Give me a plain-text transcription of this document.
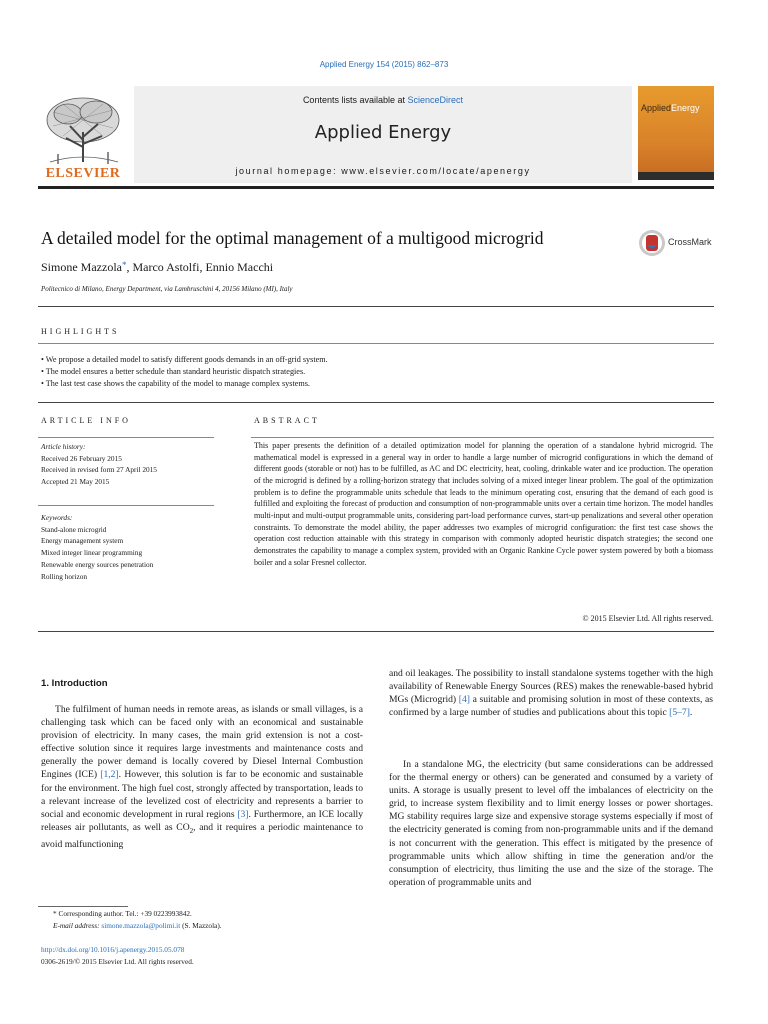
Applied Energy 154 (2015) 862–873
Contents lists available at ScienceDirect
Applied Energy
journal homepage: www.elsevier.com/locate/apenergy
ELSEVIER
AppliedEnergy
A detailed model for the optimal management of a multigood microgrid	CrossMark
Simone Mazzola*, Marco Astolfi, Ennio Macchi
Politecnico di Milano, Energy Department, via Lambruschini 4, 20156 Milano (MI), Italy
HIGHLIGHTS
• We propose a detailed model to satisfy different goods demands in an off-grid system.
• The model ensures a better schedule than standard heuristic dispatch strategies.
• The last test case shows the capability of the model to manage complex systems.
ARTICLE INFO
Article history:
Received 26 February 2015
Received in revised form 27 April 2015
Accepted 21 May 2015
Keywords:
Stand-alone microgrid
Energy management system
Mixed integer linear programming
Renewable energy sources penetration
Rolling horizon
ABSTRACT
This paper presents the definition of a detailed optimization model for planning the operation of a standalone hybrid microgrid. The mathematical model is expressed in a general way in order to handle a large number of microgrid configurations in which the demand of different goods (storable or not) has to be fulfilled, as AC and DC electricity, heat, cooling, drinkable water and ice production. The operation of the microgrid is defined by a rolling-horizon strategy that includes solving of a mixed integer linear problem. The goal of the optimization problem is to define the programmable units schedule that leads to the minimum operating cost, ensuring that the demand of each good is fulfilled and exploiting the forecast of production and consumption of non-programmable units over a certain time horizon. The model handles multi-input and multi-output programmable units, considering part-load performance curves, start-up penalizations and several other operation constraints. To demonstrate the model ability, the paper addresses two examples of microgrid configuration: the first test case shows the operation cost reduction attainable with this strategy in comparison with commonly adopted heuristic dispatch strategies; the second one demonstrates the capability to manage a complex system, provided with an Organic Rankine Cycle power system powered by both a biomass boiler and a solar Fresnel collector.
© 2015 Elsevier Ltd. All rights reserved.
1. Introduction
The fulfilment of human needs in remote areas, as islands or small villages, is a challenging task which can be faced only with an economical and sustainable provision of electricity. In many cases, the main grid extension is not a cost-effective solution since it requires large investments and maintenance costs and generally the power demand is locally covered by Diesel Internal Combustion Engines (ICE) [1,2]. However, this solution is far to be economic and sustainable for the environment. The high fuel cost, strongly affected by transportation, leads to a relevant increase of the levelized cost of electricity and represents a barrier to social and economic development in rural regions [3]. Furthermore, an ICE locally releases air pollutants, as well as $CO_2$, and it requires a periodic maintenance to avoid malfunctioning
and oil leakages. The possibility to install standalone systems together with the high availability of Renewable Energy Sources (RES) makes the renewable-based hybrid MGs (Microgrid) [4] a suitable and promising solution in most of these contexts, as confirmed by a large number of studies and publications about this topic [5–7].
In a standalone MG, the electricity (but same considerations can be addressed for the thermal energy or others) can be generated and consumed by a variety of units. A storage is usually present to level off the imbalances of electricity on the grid, to increase system flexibility and to limit energy losses or power shortages. MG stability requires large size and expensive storage systems especially if most of the electricity generated is coming from non-programmable units and if the demand is not concurrent with the generation. This effect is mitigated by the presence of programmable units which allow shifting in time the generation and/or the consumption of electricity, thus limiting the use and the size of the storage. The operation of programmable units and
* Corresponding author. Tel.: +39 0223993842.
E-mail address: simone.mazzola@polimi.it (S. Mazzola).
http://dx.doi.org/10.1016/j.apenergy.2015.05.078
0306-2619/© 2015 Elsevier Ltd. All rights reserved.
